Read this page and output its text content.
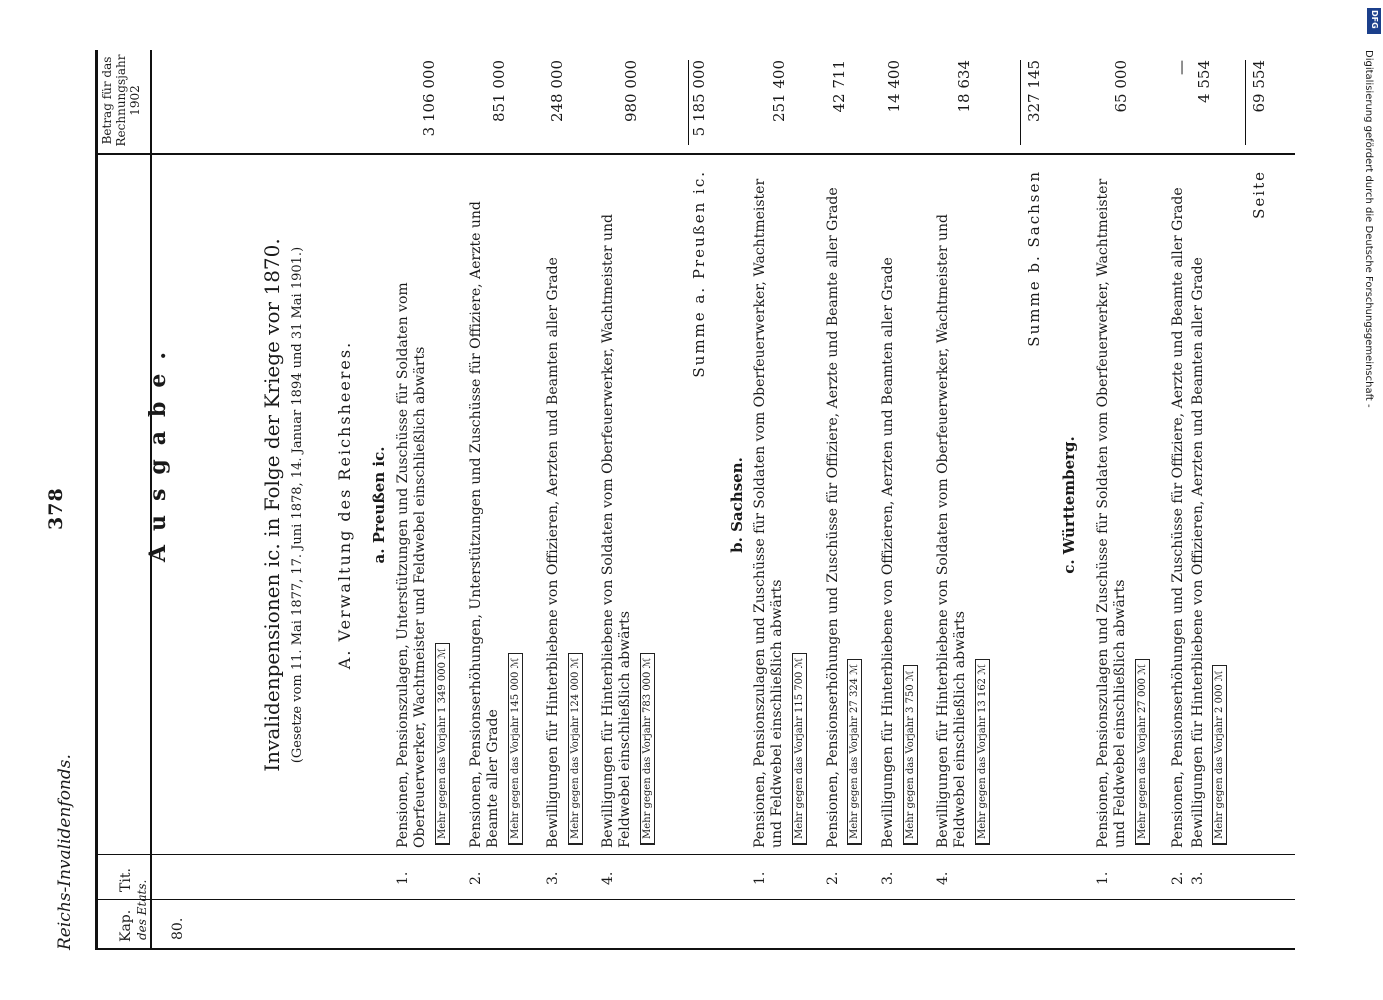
Reichs-Invalidenfonds.
378
Kap.
Tit. des Etats.
Betrag für das Rechnungsjahr 1902
80.
Ausgabe.	Invalidenpensionen ic. in Folge der Kriege vor 1870. (Gesetze vom 11. Mai 1877, 17. Juni 1878, 14. Januar 1894 und 31 Mai 1901.) A. Verwaltung des Reichsheeres. a. Preußen ic.
1.
Pensionen, Pensionszulagen, Unterstützungen und Zuschüsse für Soldaten vom Oberfeuerwerker, Wachtmeister und Feldwebel einschließlich abwärts Mehr gegen das Vorjahr 1 349 000 ℳ
3 106 000
2.
Pensionen, Pensionserhöhungen, Unterstützungen und Zuschüsse für Offiziere, Aerzte und Beamte aller Grade Mehr gegen das Vorjahr 145 000 ℳ
851 000
3.
Bewilligungen für Hinterbliebene von Offizieren, Aerzten und Beamten aller Grade Mehr gegen das Vorjahr 124 000 ℳ
248 000
4.
Bewilligungen für Hinterbliebene von Soldaten vom Oberfeuerwerker, Wachtmeister und Feldwebel einschließlich abwärts Mehr gegen das Vorjahr 783 000 ℳ
980 000
Summe a. Preußen ic.
5 185 000
b. Sachsen.
1.
Pensionen, Pensionszulagen und Zuschüsse für Soldaten vom Oberfeuerwerker, Wachtmeister und Feldwebel einschließlich abwärts Mehr gegen das Vorjahr 115 700 ℳ
251 400
2.
Pensionen, Pensionserhöhungen und Zuschüsse für Offiziere, Aerzte und Beamte aller Grade Mehr gegen das Vorjahr 27 324 ℳ
42 711
3.
Bewilligungen für Hinterbliebene von Offizieren, Aerzten und Beamten aller Grade Mehr gegen das Vorjahr 3 750 ℳ
14 400
4.
Bewilligungen für Hinterbliebene von Soldaten vom Oberfeuerwerker, Wachtmeister und Feldwebel einschließlich abwärts Mehr gegen das Vorjahr 13 162 ℳ
18 634
Summe b. Sachsen
327 145
c. Württemberg.
1.
Pensionen, Pensionszulagen und Zuschüsse für Soldaten vom Oberfeuerwerker, Wachtmeister und Feldwebel einschließlich abwärts Mehr gegen das Vorjahr 27 000 ℳ
65 000
2.
Pensionen, Pensionserhöhungen und Zuschüsse für Offiziere, Aerzte und Beamte aller Grade
—
3.
Bewilligungen für Hinterbliebene von Offizieren, Aerzten und Beamten aller Grade Mehr gegen das Vorjahr 2 000 ℳ
4 554
Seite
69 554
DFG
Digitalisierung gefördert durch die Deutsche Forschungsgemeinschaft -
